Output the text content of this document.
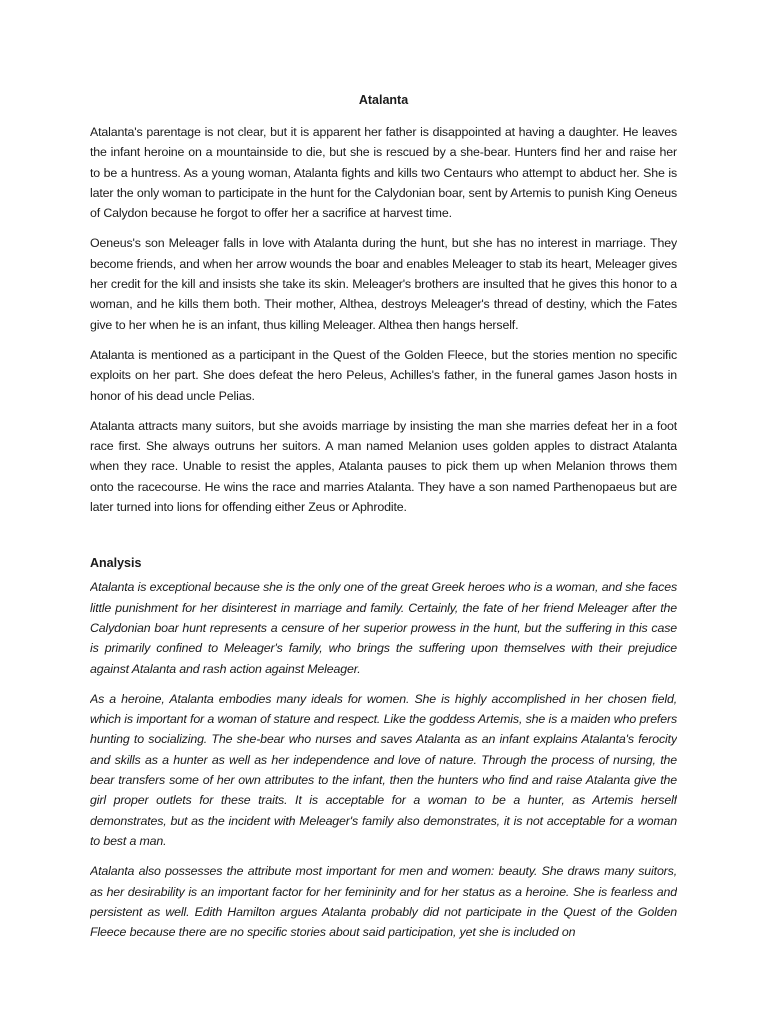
Atalanta

Atalanta's parentage is not clear, but it is apparent her father is disappointed at having a daughter. He leaves the infant heroine on a mountainside to die, but she is rescued by a she-bear. Hunters find her and raise her to be a huntress. As a young woman, Atalanta fights and kills two Centaurs who attempt to abduct her. She is later the only woman to participate in the hunt for the Calydonian boar, sent by Artemis to punish King Oeneus of Calydon because he forgot to offer her a sacrifice at harvest time.

Oeneus's son Meleager falls in love with Atalanta during the hunt, but she has no interest in marriage. They become friends, and when her arrow wounds the boar and enables Meleager to stab its heart, Meleager gives her credit for the kill and insists she take its skin. Meleager's brothers are insulted that he gives this honor to a woman, and he kills them both. Their mother, Althea, destroys Meleager's thread of destiny, which the Fates give to her when he is an infant, thus killing Meleager. Althea then hangs herself.

Atalanta is mentioned as a participant in the Quest of the Golden Fleece, but the stories mention no specific exploits on her part. She does defeat the hero Peleus, Achilles's father, in the funeral games Jason hosts in honor of his dead uncle Pelias.

Atalanta attracts many suitors, but she avoids marriage by insisting the man she marries defeat her in a foot race first. She always outruns her suitors. A man named Melanion uses golden apples to distract Atalanta when they race. Unable to resist the apples, Atalanta pauses to pick them up when Melanion throws them onto the racecourse. He wins the race and marries Atalanta. They have a son named Parthenopaeus but are later turned into lions for offending either Zeus or Aphrodite.

Analysis

Atalanta is exceptional because she is the only one of the great Greek heroes who is a woman, and she faces little punishment for her disinterest in marriage and family. Certainly, the fate of her friend Meleager after the Calydonian boar hunt represents a censure of her superior prowess in the hunt, but the suffering in this case is primarily confined to Meleager's family, who brings the suffering upon themselves with their prejudice against Atalanta and rash action against Meleager.

As a heroine, Atalanta embodies many ideals for women. She is highly accomplished in her chosen field, which is important for a woman of stature and respect. Like the goddess Artemis, she is a maiden who prefers hunting to socializing. The she-bear who nurses and saves Atalanta as an infant explains Atalanta's ferocity and skills as a hunter as well as her independence and love of nature. Through the process of nursing, the bear transfers some of her own attributes to the infant, then the hunters who find and raise Atalanta give the girl proper outlets for these traits. It is acceptable for a woman to be a hunter, as Artemis herself demonstrates, but as the incident with Meleager's family also demonstrates, it is not acceptable for a woman to best a man.

Atalanta also possesses the attribute most important for men and women: beauty. She draws many suitors, as her desirability is an important factor for her femininity and for her status as a heroine. She is fearless and persistent as well. Edith Hamilton argues Atalanta probably did not participate in the Quest of the Golden Fleece because there are no specific stories about said participation, yet she is included on
